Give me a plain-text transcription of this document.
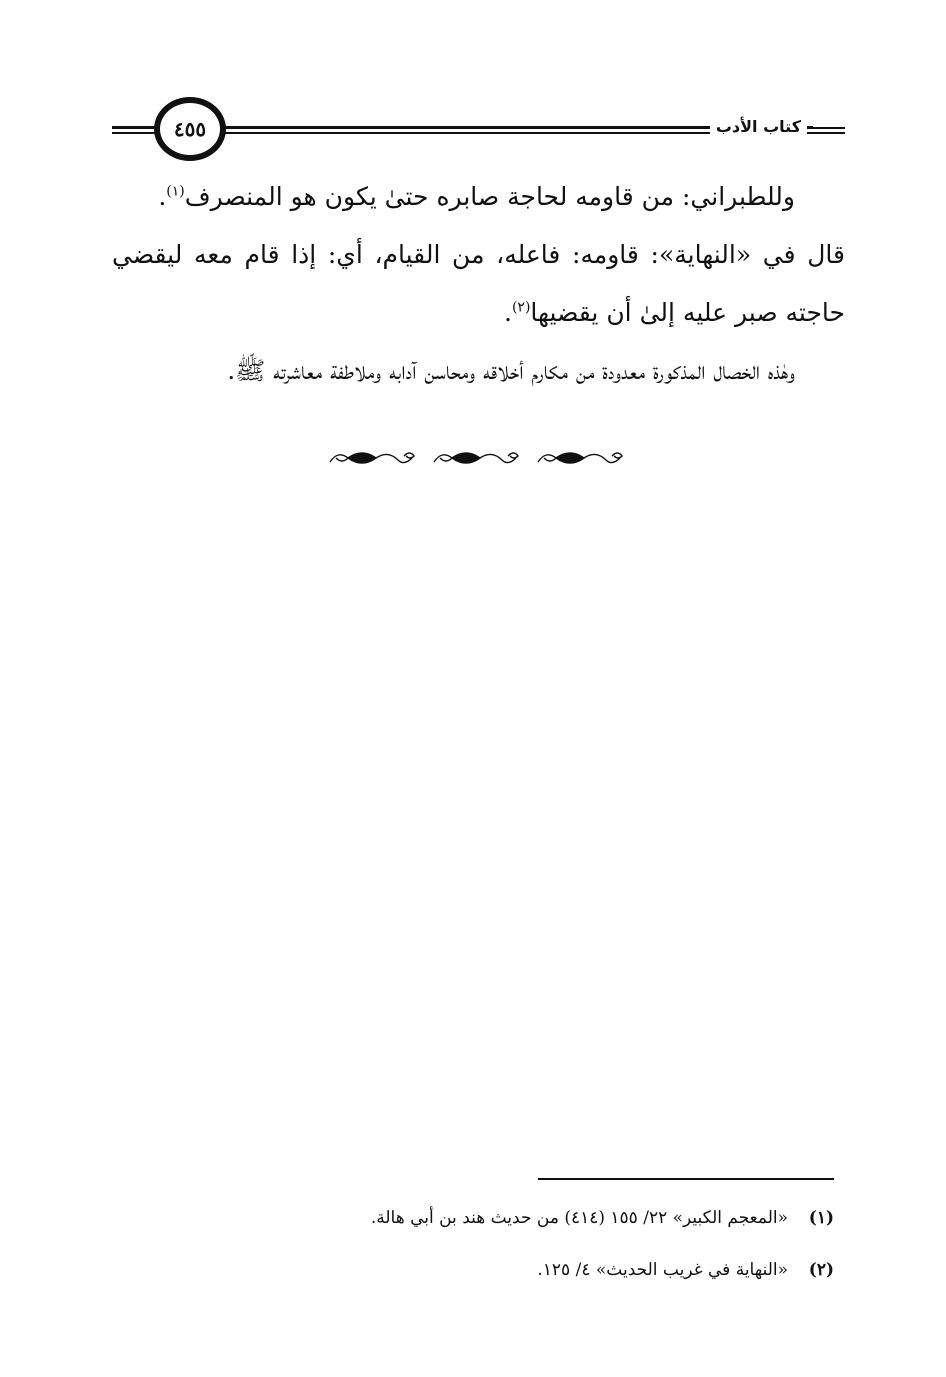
٤٥٥	كتاب الأدب

وللطبراني: من قاومه لحاجة صابره حتىٰ يكون هو المنصرف$^{(١)}$.

قال في «النهاية»: قاومه: فاعله، من القيام، أي: إذا قام معه ليقضي حاجته صبر عليه إلىٰ أن يقضيها$^{(٢)}$.

وهٰذه الخصال المذكورة معدودة من مكارم أخلاقه ومحاسن آدابه وملاطفة معاشرته ﷺ.

(١)
«المعجم الكبير» ٢٢/ ١٥٥ (٤١٤) من حديث هند بن أبي هالة.

(٢)
«النهاية في غريب الحديث» ٤/ ١٢٥.
